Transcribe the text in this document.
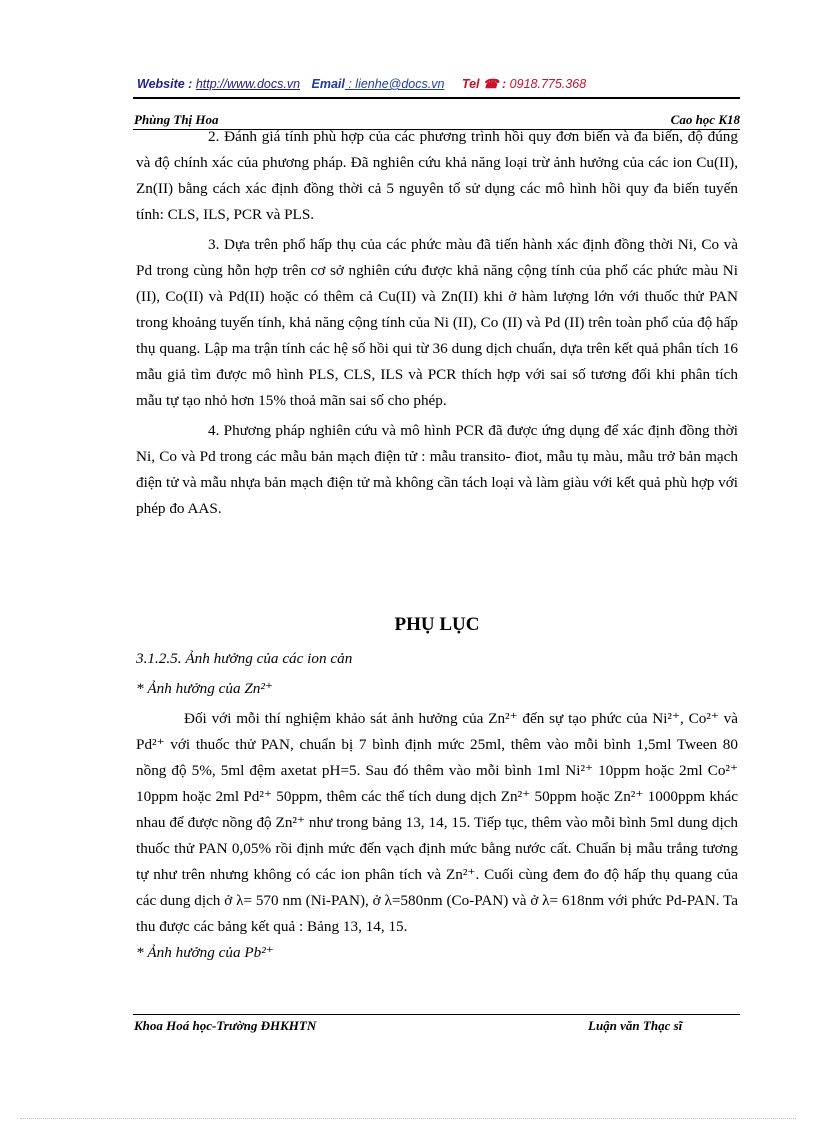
Website : http://www.docs.vn Email : lienhe@docs.vn Tel ☎ : 0918.775.368
Phùng Thị Hoa	Cao học K18

2. Đánh giá tính phù hợp của các phương trình hồi quy đơn biến và đa biến, độ đúng và độ chính xác của phương pháp. Đã nghiên cứu khả năng loại trừ ảnh hưởng của các ion Cu(II), Zn(II) bằng cách xác định đồng thời cả 5 nguyên tố sử dụng các mô hình hồi quy đa biến tuyến tính: CLS, ILS, PCR và PLS.

3. Dựa trên phổ hấp thụ của các phức màu đã tiến hành xác định đồng thời Ni, Co và Pd trong cùng hỗn hợp trên cơ sở nghiên cứu được khả năng cộng tính của phổ các phức màu Ni (II), Co(II) và Pd(II) hoặc có thêm cả Cu(II) và Zn(II) khi ở hàm lượng lớn với thuốc thử PAN trong khoảng tuyến tính, khả năng cộng tính của Ni (II), Co (II) và Pd (II) trên toàn phổ của độ hấp thụ quang. Lập ma trận tính các hệ số hồi qui từ 36 dung dịch chuẩn, dựa trên kết quả phân tích 16 mẫu giả tìm được mô hình PLS, CLS, ILS và PCR thích hợp với sai số tương đối khi phân tích mẫu tự tạo nhỏ hơn 15% thoả mãn sai số cho phép.

4. Phương pháp nghiên cứu và mô hình PCR đã được ứng dụng để xác định đồng thời Ni, Co và Pd trong các mẫu bản mạch điện tử : mẫu transito- điot, mẫu tụ màu, mẫu trở bản mạch điện tử và mẫu nhựa bản mạch điện tử mà không cần tách loại và làm giàu với kết quả phù hợp với phép đo AAS.

PHỤ LỤC

3.1.2.5. Ảnh hưởng của các ion cản

* Ảnh hưởng của Zn²⁺

Đối với mỗi thí nghiệm khảo sát ảnh hưởng của Zn²⁺ đến sự tạo phức của Ni²⁺, Co²⁺ và Pd²⁺ với thuốc thử PAN, chuẩn bị 7 bình định mức 25ml, thêm vào mỗi bình 1,5ml Tween 80 nồng độ 5%, 5ml đệm axetat pH=5. Sau đó thêm vào mỗi bình 1ml Ni²⁺ 10ppm hoặc 2ml Co²⁺ 10ppm hoặc 2ml Pd²⁺ 50ppm, thêm các thể tích dung dịch Zn²⁺ 50ppm hoặc Zn²⁺ 1000ppm khác nhau để được nồng độ Zn²⁺ như trong bảng 13, 14, 15. Tiếp tục, thêm vào mỗi bình 5ml dung dịch thuốc thử PAN 0,05% rồi định mức đến vạch định mức bằng nước cất. Chuẩn bị mẫu trắng tương tự như trên nhưng không có các ion phân tích và Zn²⁺. Cuối cùng đem đo độ hấp thụ quang của các dung dịch ở λ= 570 nm (Ni-PAN), ở λ=580nm (Co-PAN) và ở λ= 618nm với phức Pd-PAN. Ta thu được các bảng kết quả : Bảng 13, 14, 15.

* Ảnh hưởng của Pb²⁺

Khoa Hoá học-Trường ĐHKHTN	Luận văn Thạc sĩ
